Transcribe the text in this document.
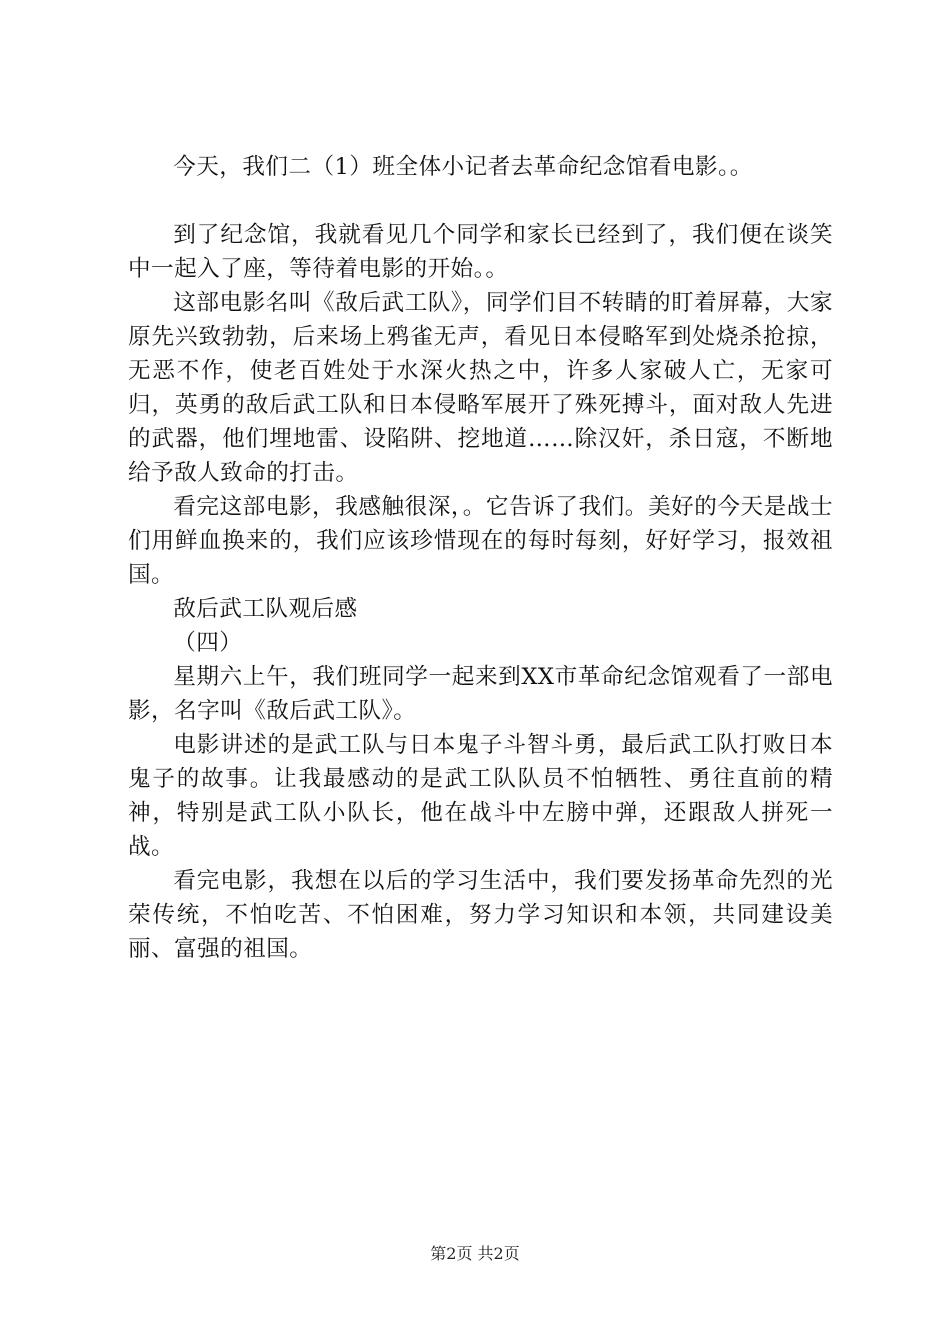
今天，我们二（1）班全体小记者去革命纪念馆看电影。。

到了纪念馆，我就看见几个同学和家长已经到了，我们便在谈笑中一起入了座，等待着电影的开始。。

这部电影名叫《敌后武工队》，同学们目不转睛的盯着屏幕，大家原先兴致勃勃，后来场上鸦雀无声，看见日本侵略军到处烧杀抢掠，无恶不作，使老百姓处于水深火热之中，许多人家破人亡，无家可归，英勇的敌后武工队和日本侵略军展开了殊死搏斗，面对敌人先进的武器，他们埋地雷、设陷阱、挖地道……除汉奸，杀日寇，不断地给予敌人致命的打击。

看完这部电影，我感触很深，。它告诉了我们。美好的今天是战士们用鲜血换来的，我们应该珍惜现在的每时每刻，好好学习，报效祖国。

敌后武工队观后感

（四）

星期六上午，我们班同学一起来到XX市革命纪念馆观看了一部电影，名字叫《敌后武工队》。

电影讲述的是武工队与日本鬼子斗智斗勇，最后武工队打败日本鬼子的故事。让我最感动的是武工队队员不怕牺牲、勇往直前的精神，特别是武工队小队长，他在战斗中左膀中弹，还跟敌人拼死一战。

看完电影，我想在以后的学习生活中，我们要发扬革命先烈的光荣传统，不怕吃苦、不怕困难，努力学习知识和本领，共同建设美丽、富强的祖国。

第2页 共2页
